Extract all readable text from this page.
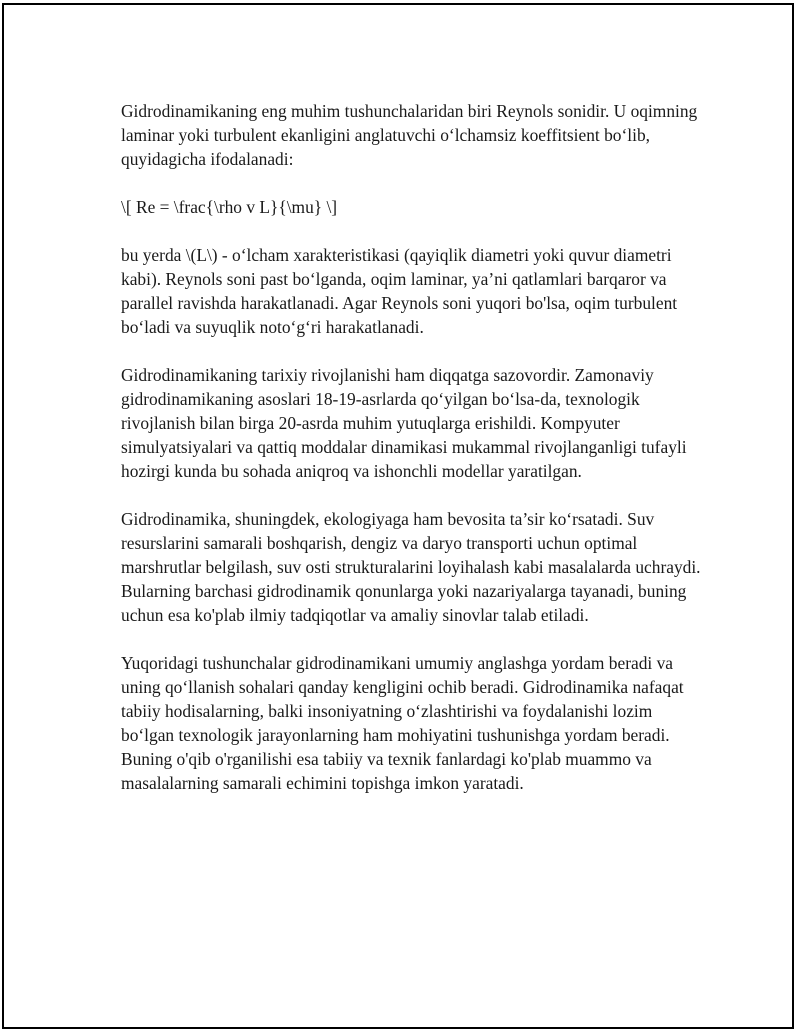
Gidrodinamikaning eng muhim tushunchalaridan biri Reynols sonidir. U oqimning laminar yoki turbulent ekanligini anglatuvchi o‘lchamsiz koeffitsient bo‘lib, quyidagicha ifodalanadi:

\[ Re = \frac{\rho v L}{\mu} \]

bu yerda \(L\) - o‘lcham xarakteristikasi (qayiqlik diametri yoki quvur diametri kabi). Reynols soni past bo‘lganda, oqim laminar, ya’ni qatlamlari barqaror va parallel ravishda harakatlanadi. Agar Reynols soni yuqori bo'lsa, oqim turbulent bo‘ladi va suyuqlik noto‘g‘ri harakatlanadi.

Gidrodinamikaning tarixiy rivojlanishi ham diqqatga sazovordir. Zamonaviy gidrodinamikaning asoslari 18-19-asrlarda qo‘yilgan bo‘lsa-da, texnologik rivojlanish bilan birga 20-asrda muhim yutuqlarga erishildi. Kompyuter simulyatsiyalari va qattiq moddalar dinamikasi mukammal rivojlanganligi tufayli hozirgi kunda bu sohada aniqroq va ishonchli modellar yaratilgan.

Gidrodinamika, shuningdek, ekologiyaga ham bevosita ta’sir ko‘rsatadi. Suv resurslarini samarali boshqarish, dengiz va daryo transporti uchun optimal marshrutlar belgilash, suv osti strukturalarini loyihalash kabi masalalarda uchraydi. Bularning barchasi gidrodinamik qonunlarga yoki nazariyalarga tayanadi, buning uchun esa ko'plab ilmiy tadqiqotlar va amaliy sinovlar talab etiladi.

Yuqoridagi tushunchalar gidrodinamikani umumiy anglashga yordam beradi va uning qo‘llanish sohalari qanday kengligini ochib beradi. Gidrodinamika nafaqat tabiiy hodisalarning, balki insoniyatning o‘zlashtirishi va foydalanishi lozim bo‘lgan texnologik jarayonlarning ham mohiyatini tushunishga yordam beradi. Buning o'qib o'rganilishi esa tabiiy va texnik fanlardagi ko'plab muammo va masalalarning samarali echimini topishga imkon yaratadi.
